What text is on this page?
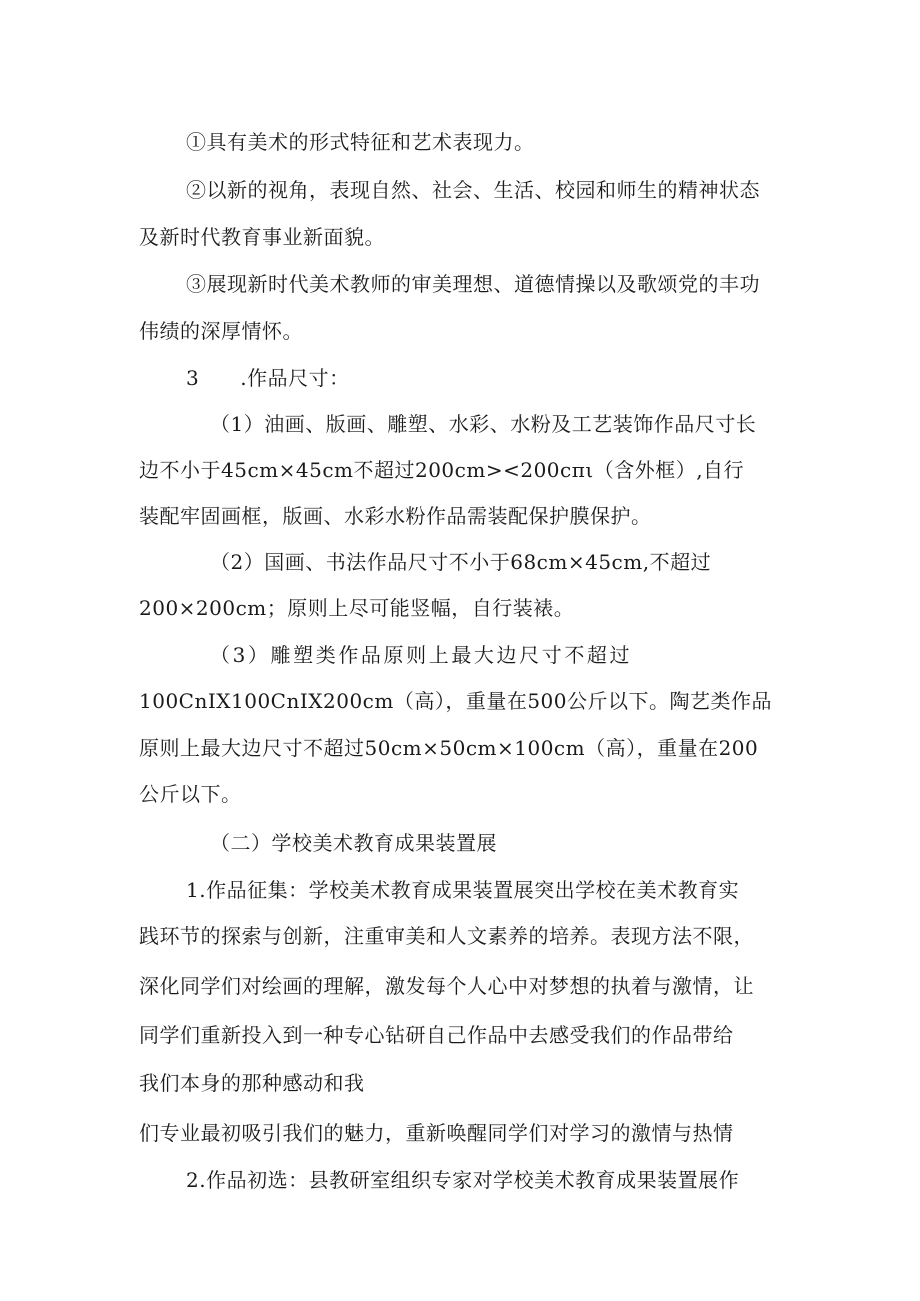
①具有美术的形式特征和艺术表现力。
②以新的视角，表现自然、社会、生活、校园和师生的精神状态
及新时代教育事业新面貌。
③展现新时代美术教师的审美理想、道德情操以及歌颂党的丰功
伟绩的深厚情怀。
3　　.作品尺寸：
（1）油画、版画、雕塑、水彩、水粉及工艺装饰作品尺寸长
边不小于45cm×45cm不超过200cm><200cπι（含外框）,自行
装配牢固画框，版画、水彩水粉作品需装配保护膜保护。
（2）国画、书法作品尺寸不小于68cm×45cm,不超过
200×200cm；原则上尽可能竖幅，自行装裱。
（3）雕塑类作品原则上最大边尺寸不超过
100CnIX100CnIX200cm（高），重量在500公斤以下。陶艺类作品
原则上最大边尺寸不超过50cm×50cm×100cm（高），重量在200
公斤以下。
（二）学校美术教育成果装置展
1.作品征集：学校美术教育成果装置展突出学校在美术教育实
践环节的探索与创新，注重审美和人文素养的培养。表现方法不限，
深化同学们对绘画的理解，激发每个人心中对梦想的执着与激情，让
同学们重新投入到一种专心钻研自己作品中去感受我们的作品带给
我们本身的那种感动和我
们专业最初吸引我们的魅力，重新唤醒同学们对学习的激情与热情
2.作品初选：县教研室组织专家对学校美术教育成果装置展作
